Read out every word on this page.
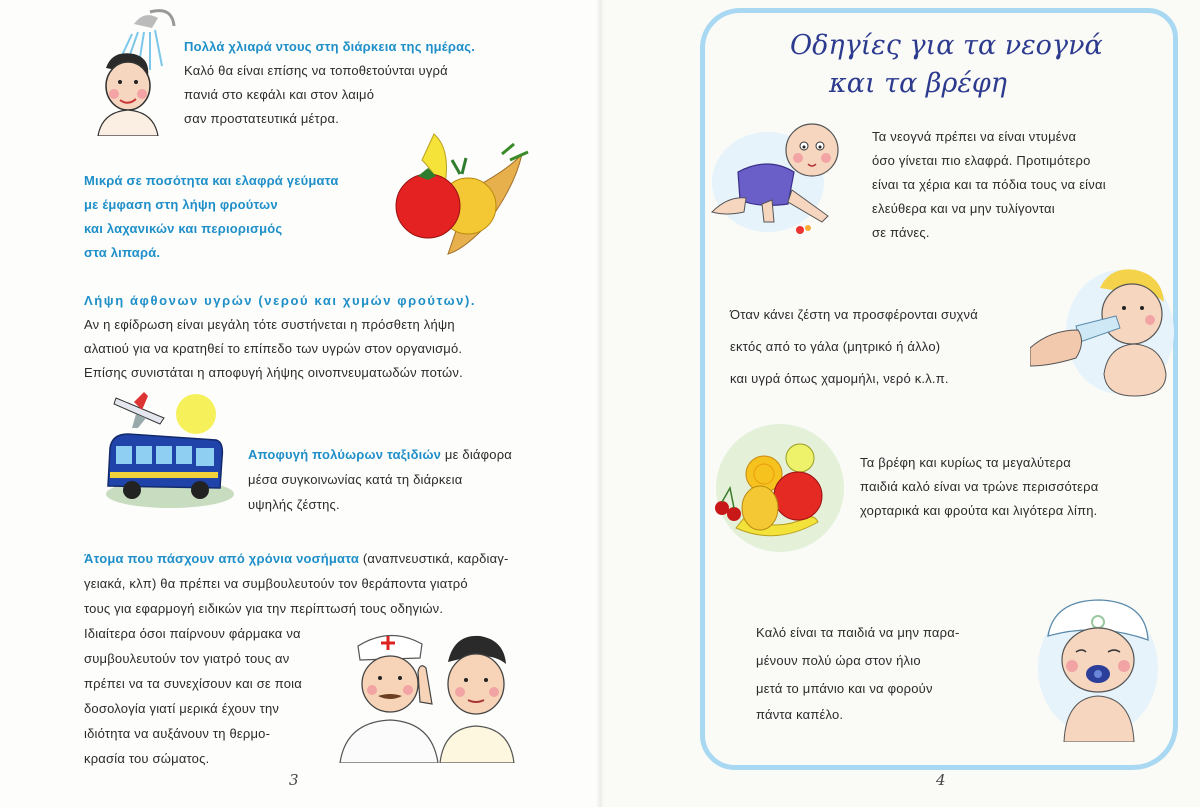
Πολλά χλιαρά ντους στη διάρκεια της ημέρας.
Καλό θα είναι επίσης να τοποθετούνται υγρά
πανιά στο κεφάλι και στον λαιμό
σαν προστατευτικά μέτρα.
Μικρά σε ποσότητα και ελαφρά γεύματα
με έμφαση στη λήψη φρούτων
και λαχανικών και περιορισμός
στα λιπαρά.
Λήψη άφθονων υγρών (νερού και χυμών φρούτων).
Αν η εφίδρωση είναι μεγάλη τότε συστήνεται η πρόσθετη λήψη
αλατιού για να κρατηθεί το επίπεδο των υγρών στον οργανισμό.
Επίσης συνιστάται η αποφυγή λήψης οινοπνευματωδών ποτών.
Αποφυγή πολύωρων ταξιδιών με διάφορα
μέσα συγκοινωνίας κατά τη διάρκεια
υψηλής ζέστης.
Άτομα που πάσχουν από χρόνια νοσήματα (αναπνευστικά, καρδιαγ-
γειακά, κλπ) θα πρέπει να συμβουλευτούν τον θεράποντα γιατρό
τους για εφαρμογή ειδικών για την περίπτωσή τους οδηγιών.
Ιδιαίτερα όσοι παίρνουν φάρμακα να
συμβουλευτούν τον γιατρό τους αν
πρέπει να τα συνεχίσουν και σε ποια
δοσολογία γιατί μερικά έχουν την
ιδιότητα να αυξάνουν τη θερμο-
κρασία του σώματος.
3
Οδηγίες για τα νεογνά
και τα βρέφη
Τα νεογνά πρέπει να είναι ντυμένα
όσο γίνεται πιο ελαφρά. Προτιμότερο
είναι τα χέρια και τα πόδια τους να είναι
ελεύθερα και να μην τυλίγονται
σε πάνες.
Όταν κάνει ζέστη να προσφέρονται συχνά
εκτός από το γάλα (μητρικό ή άλλο)
και υγρά όπως χαμομήλι, νερό κ.λ.π.
Τα βρέφη και κυρίως τα μεγαλύτερα
παιδιά καλό είναι να τρώνε περισσότερα
χορταρικά και φρούτα και λιγότερα λίπη.
Καλό είναι τα παιδιά να μην παρα-
μένουν πολύ ώρα στον ήλιο
μετά το μπάνιο και να φορούν
πάντα καπέλο.
4
